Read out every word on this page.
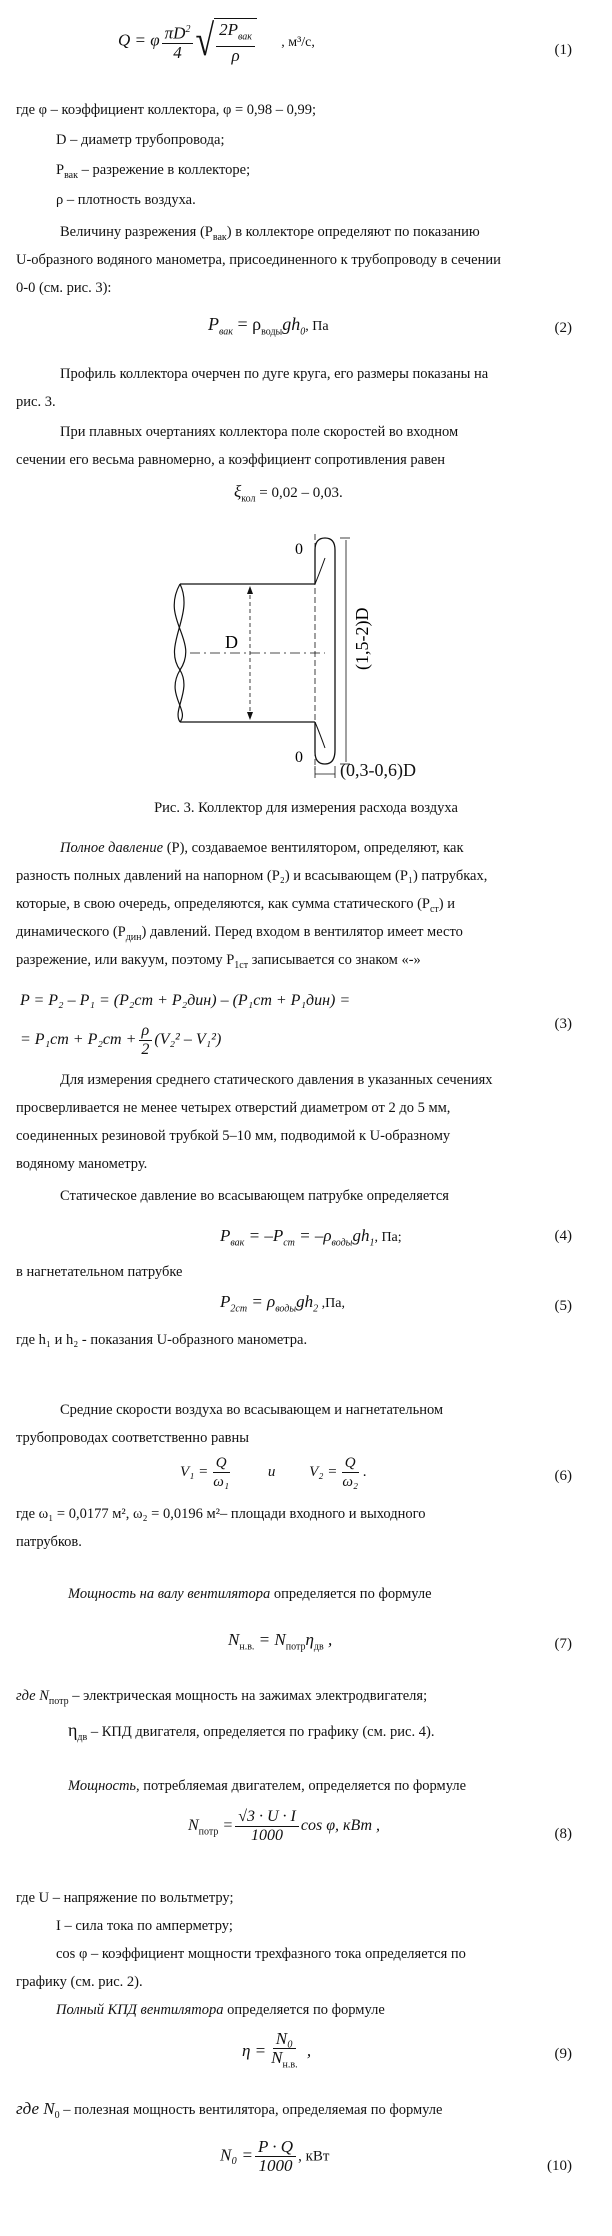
Q = φ $\frac{\pi D^2}{4}$ √ $\frac{2P_{вак}}{\rho}$ , м³/с,	(1)
где φ – коэффициент коллектора, φ = 0,98 – 0,99;
D – диаметр трубопровода;
$P_{вак}$ – разрежение в коллекторе;
ρ – плотность воздуха.
Величину разрежения $(Р_{вак})$ в коллекторе определяют по показанию
U-образного водяного манометра, присоединенного к трубопроводу в сечении
0-0 (см. рис. 3):
$P_{вак} = \rho_{воды}gh_0$, Па	(2)
Профиль коллектора очерчен по дуге круга, его размеры показаны на
рис. 3.
При плавных очертаниях коллектора поле скоростей во входном
сечении его весьма равномерно, а коэффициент сопротивления равен
$\xi_{кол} = 0,02 - 0,03$.
D
0
0
(1,5-2)D
(0,3-0,6)D
Рис. 3. Коллектор для измерения расхода воздуха
Полное давление (P), создаваемое вентилятором, определяют, как
разность полных давлений на напорном (P₂) и всасывающем (P₁) патрубках,
которые, в свою очередь, определяются, как сумма статического $(P_{ст})$ и
динамического $(P_{дин})$ давлений. Перед входом в вентилятор имеет место
разрежение, или вакуум, поэтому $P_{1ст}$ записывается со знаком «-»
P = P₂ – P₁ = (P₂ст + P₂дин) – (P₁ст + P₁дин) =
= $P_1ст + P_2ст + \frac{\rho}{2} (V_2^2 - V_1^2)$
(3)
Для измерения среднего статического давления в указанных сечениях
просверливается не менее четырех отверстий диаметром от 2 до 5 мм,
соединенных резиновой трубкой 5–10 мм, подводимой к U-образному
водяному манометру.
Статическое давление во всасывающем патрубке определяется
$P_{вак} = -P_{ст} = -\rho_{воды}gh_1$, Па;	(4)
в нагнетательном патрубке
$P_{2ст} = \rho_{воды}gh_2$ ,Па,	(5)
где h₁ и h₂ - показания U-образного манометра.
Средние скорости воздуха во всасывающем и нагнетательном
трубопроводах соответственно равны
$V_1 = \frac{Q}{\text{ω₁}}$ и $V_2 = \frac{Q}{\text{ω₂}}$ .	(6)
где ω₁ = 0,0177 м², ω₂ = 0,0196 м²– площади входного и выходного
патрубков.
Мощность на валу вентилятора определяется по формуле
$N_{н.в.} = N_{потр}\eta_{дв}$ ,	(7)
где $N_{потр}$ – электрическая мощность на зажимах электродвигателя;
$\eta_{дв}$ – КПД двигателя, определяется по графику (см. рис. 4).
Мощность, потребляемая двигателем, определяется по формуле
$N_{потр} = \frac{√3 \cdot U \cdot I}{1000}$ cos φ, кВт ,	(8)
где U – напряжение по вольтметру;
I – сила тока по амперметру;
cos φ – коэффициент мощности трехфазного тока определяется по
графику (см. рис. 2).
Полный КПД вентилятора определяется по формуле
$\eta = \frac{\text{N₀}}{N_{н.в.}}$ ,	(9)
где $N_0$ – полезная мощность вентилятора, определяемая по формуле
$N_0 = \frac{P \cdot Q}{1000}$ , кВт
(10)
